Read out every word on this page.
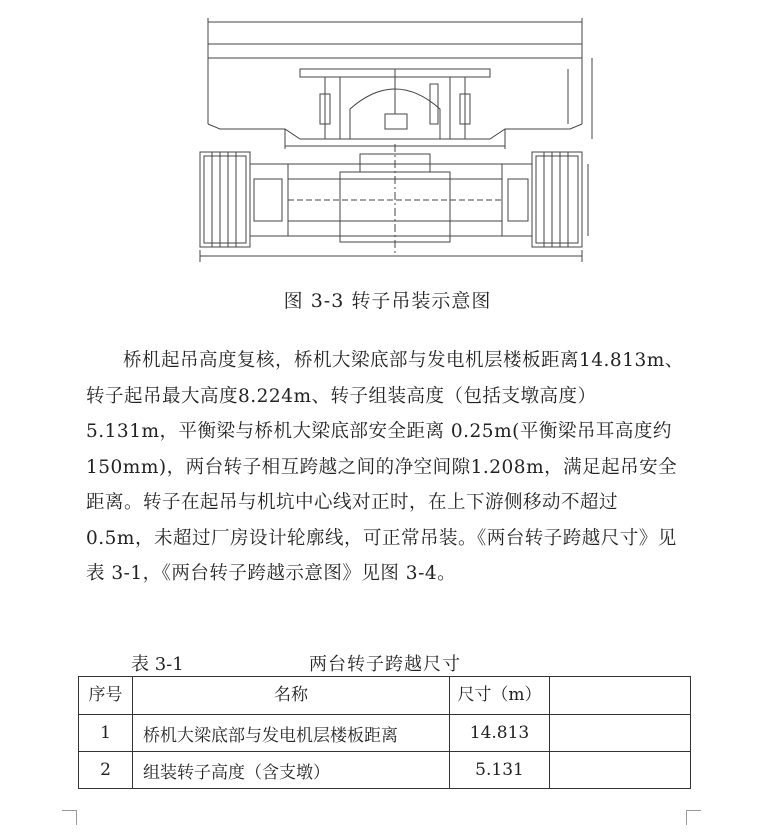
图 3-3 转子吊装示意图

桥机起吊高度复核，桥机大梁底部与发电机层楼板距离14.813m、转子起吊最大高度8.224m、转子组装高度（包括支墩高度）5.131m，平衡梁与桥机大梁底部安全距离 0.25m(平衡梁吊耳高度约 150mm)，两台转子相互跨越之间的净空间隙1.208m，满足起吊安全距离。转子在起吊与机坑中心线对正时，在上下游侧移动不超过 0.5m，未超过厂房设计轮廓线，可正常吊装。《两台转子跨越尺寸》见表 3-1，《两台转子跨越示意图》见图 3-4。

表 3-1	两台转子跨越尺寸
序号	名称	尺寸（m）	
1	桥机大梁底部与发电机层楼板距离	14.813	
2	组装转子高度（含支墩）	5.131	
